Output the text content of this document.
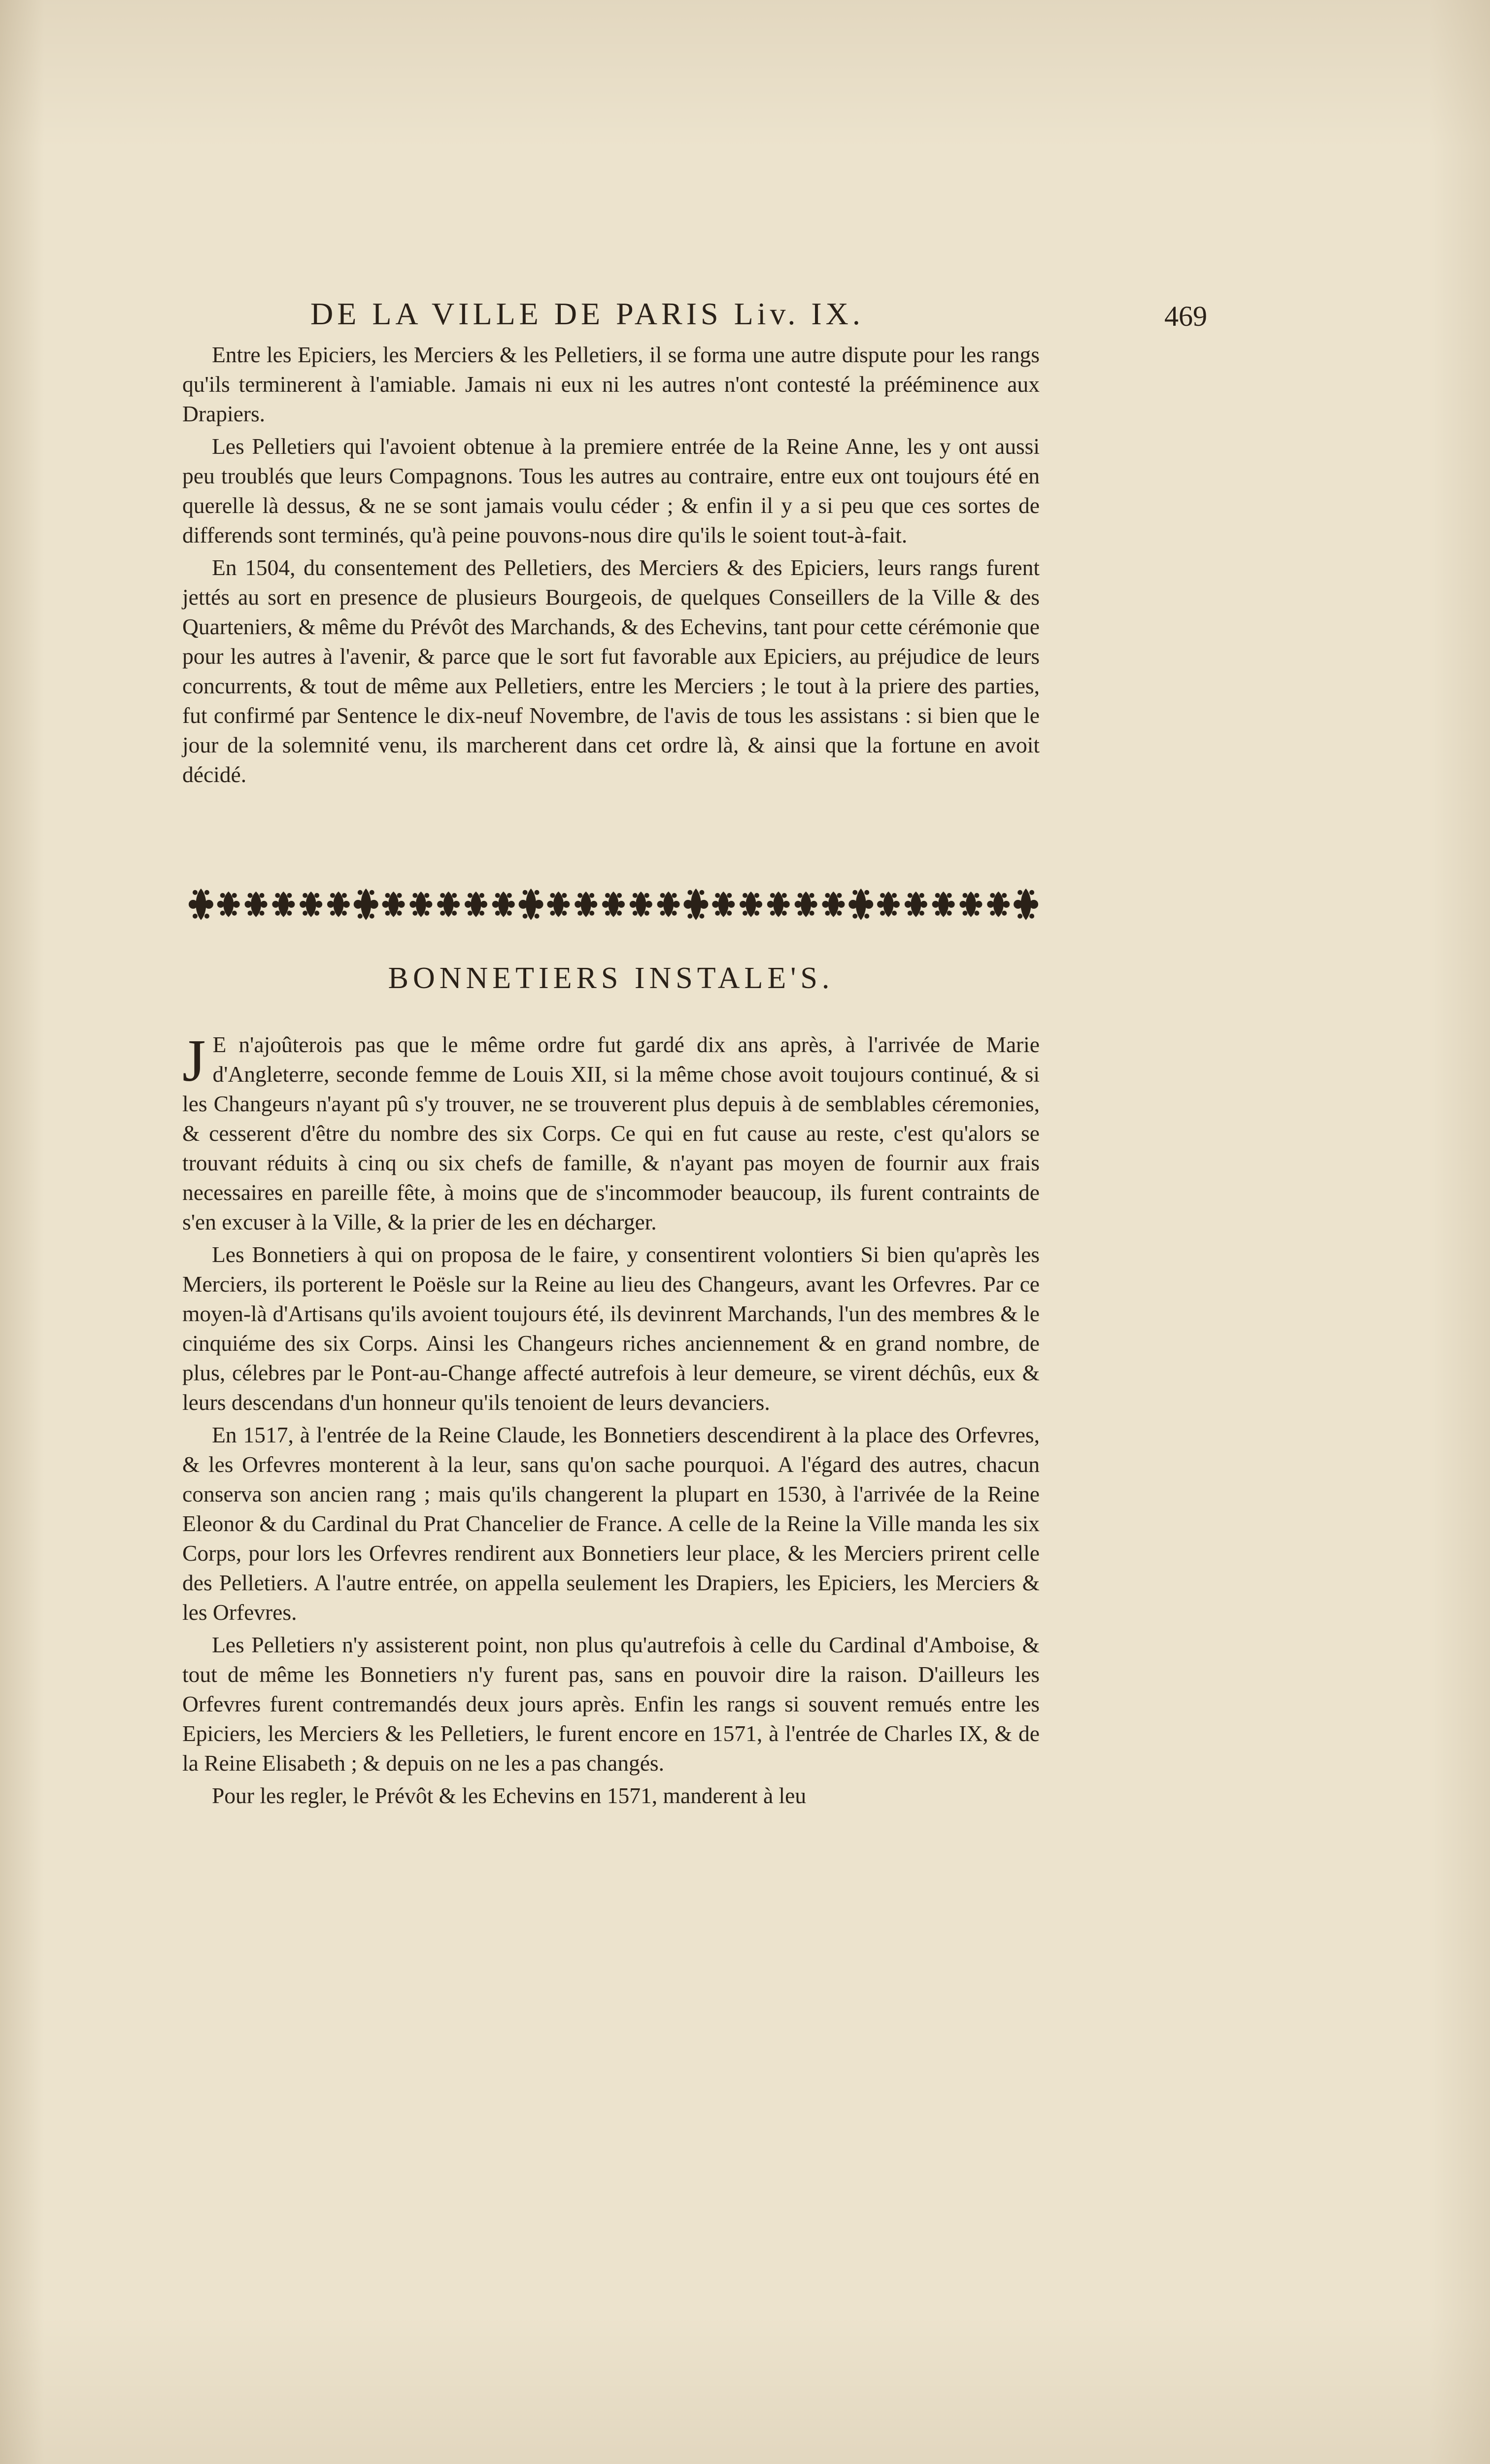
DE LA VILLE DE PARIS Liv. IX.	469

Entre les Epiciers, les Merciers & les Pelletiers, il se forma une autre dispute pour les rangs qu'ils terminerent à l'amiable. Jamais ni eux ni les autres n'ont contesté la prééminence aux Drapiers.

Les Pelletiers qui l'avoient obtenue à la premiere entrée de la Reine Anne, les y ont aussi peu troublés que leurs Compagnons. Tous les autres au contraire, entre eux ont toujours été en querelle là dessus, & ne se sont jamais voulu céder ; & enfin il y a si peu que ces sortes de differends sont terminés, qu'à peine pouvons-nous dire qu'ils le soient tout-à-fait.

En 1504, du consentement des Pelletiers, des Merciers & des Epiciers, leurs rangs furent jettés au sort en presence de plusieurs Bourgeois, de quelques Conseillers de la Ville & des Quarteniers, & même du Prévôt des Marchands, & des Echevins, tant pour cette cérémonie que pour les autres à l'avenir, & parce que le sort fut favorable aux Epiciers, au préjudice de leurs concurrents, & tout de même aux Pelletiers, entre les Merciers ; le tout à la priere des parties, fut confirmé par Sentence le dix-neuf Novembre, de l'avis de tous les assistans : si bien que le jour de la solemnité venu, ils marcherent dans cet ordre là, & ainsi que la fortune en avoit décidé.

BONNETIERS INSTALE'S.

J E n'ajoûterois pas que le même ordre fut gardé dix ans après, à l'arrivée de Marie d'Angleterre, seconde femme de Louis XII, si la même chose avoit toujours continué, & si les Changeurs n'ayant pû s'y trouver, ne se trouverent plus depuis à de semblables céremonies, & cesserent d'être du nombre des six Corps. Ce qui en fut cause au reste, c'est qu'alors se trouvant réduits à cinq ou six chefs de famille, & n'ayant pas moyen de fournir aux frais necessaires en pareille fête, à moins que de s'incommoder beaucoup, ils furent contraints de s'en excuser à la Ville, & la prier de les en décharger.

Les Bonnetiers à qui on proposa de le faire, y consentirent volontiers Si bien qu'après les Merciers, ils porterent le Poësle sur la Reine au lieu des Changeurs, avant les Orfevres. Par ce moyen-là d'Artisans qu'ils avoient toujours été, ils devinrent Marchands, l'un des membres & le cinquiéme des six Corps. Ainsi les Changeurs riches anciennement & en grand nombre, de plus, célebres par le Pont-au-Change affecté autrefois à leur demeure, se virent déchûs, eux & leurs descendans d'un honneur qu'ils tenoient de leurs devanciers.

En 1517, à l'entrée de la Reine Claude, les Bonnetiers descendirent à la place des Orfevres, & les Orfevres monterent à la leur, sans qu'on sache pourquoi. A l'égard des autres, chacun conserva son ancien rang ; mais qu'ils changerent la plupart en 1530, à l'arrivée de la Reine Eleonor & du Cardinal du Prat Chancelier de France. A celle de la Reine la Ville manda les six Corps, pour lors les Orfevres rendirent aux Bonnetiers leur place, & les Merciers prirent celle des Pelletiers. A l'autre entrée, on appella seulement les Drapiers, les Epiciers, les Merciers & les Orfevres.

Les Pelletiers n'y assisterent point, non plus qu'autrefois à celle du Cardinal d'Amboise, & tout de même les Bonnetiers n'y furent pas, sans en pouvoir dire la raison. D'ailleurs les Orfevres furent contremandés deux jours après. Enfin les rangs si souvent remués entre les Epiciers, les Merciers & les Pelletiers, le furent encore en 1571, à l'entrée de Charles IX, & de la Reine Elisabeth ; & depuis on ne les a pas changés.

Pour les regler, le Prévôt & les Echevins en 1571, manderent à leu
